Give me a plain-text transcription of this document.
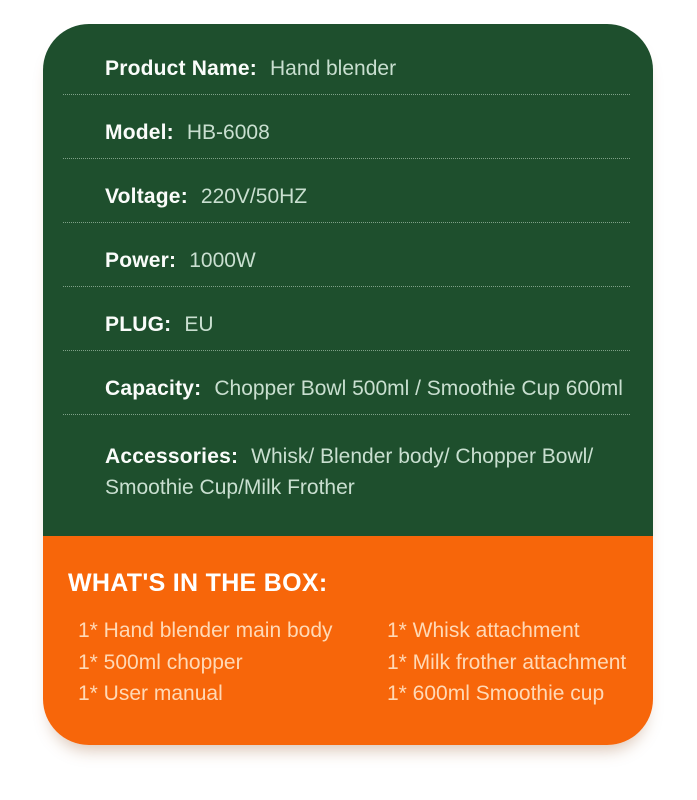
Product Name: Hand blender

Model: HB-6008

Voltage: 220V/50HZ

Power: 1000W

PLUG: EU

Capacity: Chopper Bowl 500ml / Smoothie Cup 600ml

Accessories: Whisk/ Blender body/ Chopper Bowl/ Smoothie Cup/Milk Frother

WHAT'S IN THE BOX:
1* Hand blender main body	1* Whisk attachment
1* 500ml chopper	1* Milk frother attachment
1* User manual	1* 600ml Smoothie cup
